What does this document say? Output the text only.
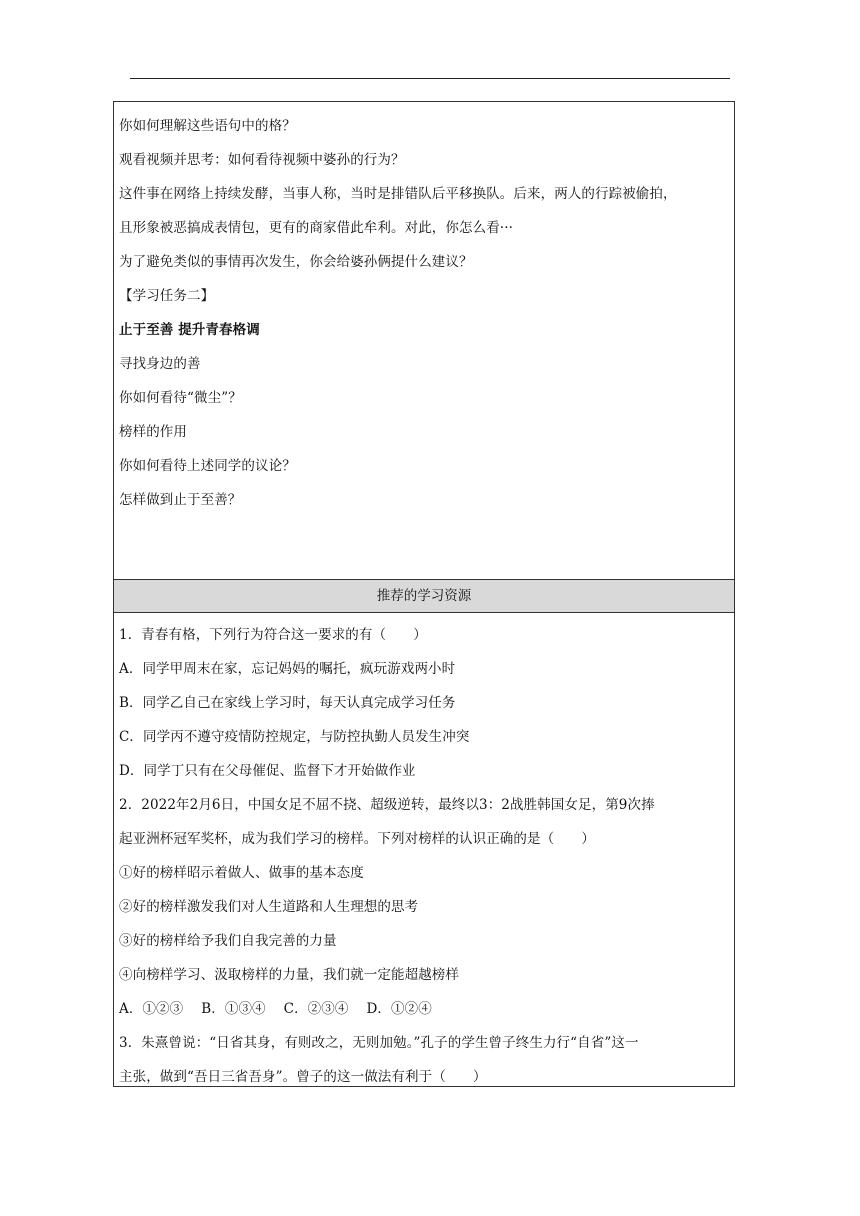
你如何理解这些语句中的格？
观看视频并思考：如何看待视频中婆孙的行为？
这件事在网络上持续发酵，当事人称，当时是排错队后平移换队。后来，两人的行踪被偷拍，
且形象被恶搞成表情包，更有的商家借此牟利。对此，你怎么看···
为了避免类似的事情再次发生，你会给婆孙俩提什么建议？
【学习任务二】
止于至善 提升青春格调
寻找身边的善
你如何看待“微尘”？
榜样的作用
你如何看待上述同学的议论？
怎样做到止于至善？
推荐的学习资源
1．青春有格，下列行为符合这一要求的有（　　）
A．同学甲周末在家，忘记妈妈的嘱托，疯玩游戏两小时
B．同学乙自己在家线上学习时，每天认真完成学习任务
C．同学丙不遵守疫情防控规定，与防控执勤人员发生冲突
D．同学丁只有在父母催促、监督下才开始做作业
2．2022年2月6日，中国女足不屈不挠、超级逆转，最终以3：2战胜韩国女足，第9次捧
起亚洲杯冠军奖杯，成为我们学习的榜样。下列对榜样的认识正确的是（　　）
①好的榜样昭示着做人、做事的基本态度
②好的榜样激发我们对人生道路和人生理想的思考
③好的榜样给予我们自我完善的力量
④向榜样学习、汲取榜样的力量，我们就一定能超越榜样
A．①②③　 B．①③④　 C．②③④　 D．①②④
3．朱熹曾说：“日省其身，有则改之，无则加勉。”孔子的学生曾子终生力行“自省”这一
主张，做到“吾日三省吾身”。曾子的这一做法有利于（　　）
